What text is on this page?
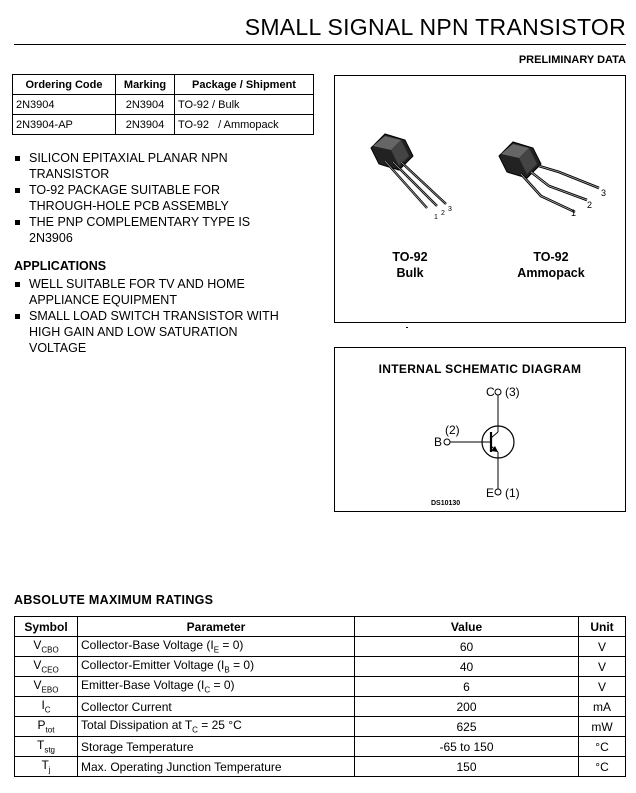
SMALL SIGNAL NPN TRANSISTOR
PRELIMINARY DATA
Ordering Code	Marking	Package / Shipment
2N3904	2N3904	TO-92 / Bulk
2N3904-AP	2N3904	TO-92   / Ammopack
SILICON EPITAXIAL PLANAR NPN
TRANSISTOR
TO-92 PACKAGE SUITABLE FOR
THROUGH-HOLE PCB ASSEMBLY
THE PNP COMPLEMENTARY TYPE IS
2N3906
APPLICATIONS
WELL SUITABLE FOR TV AND HOME
APPLIANCE EQUIPMENT
SMALL LOAD SWITCH TRANSISTOR WITH
HIGH GAIN AND LOW SATURATION
VOLTAGE
1
2
3	1
2
3
TO-92
Bulk
TO-92
Ammopack
INTERNAL SCHEMATIC DIAGRAM
C (3)
(2)
B
E (1)
DS10130
ABSOLUTE MAXIMUM RATINGS
Symbol	Parameter	Value	Unit
$V_{CBO}$	Collector-Base Voltage $(I_E = 0)$	60	V
$V_{CEO}$	Collector-Emitter Voltage $(I_B = 0)$	40	V
$V_{EBO}$	Emitter-Base Voltage $(I_C = 0)$	6	V
$I_C$	Collector Current	200	mA
$P_{tot}$	Total Dissipation at $T_C = 25$ °C	625	mW
$T_{stg}$	Storage Temperature	-65 to 150	°C
$T_j$	Max. Operating Junction Temperature	150	°C
